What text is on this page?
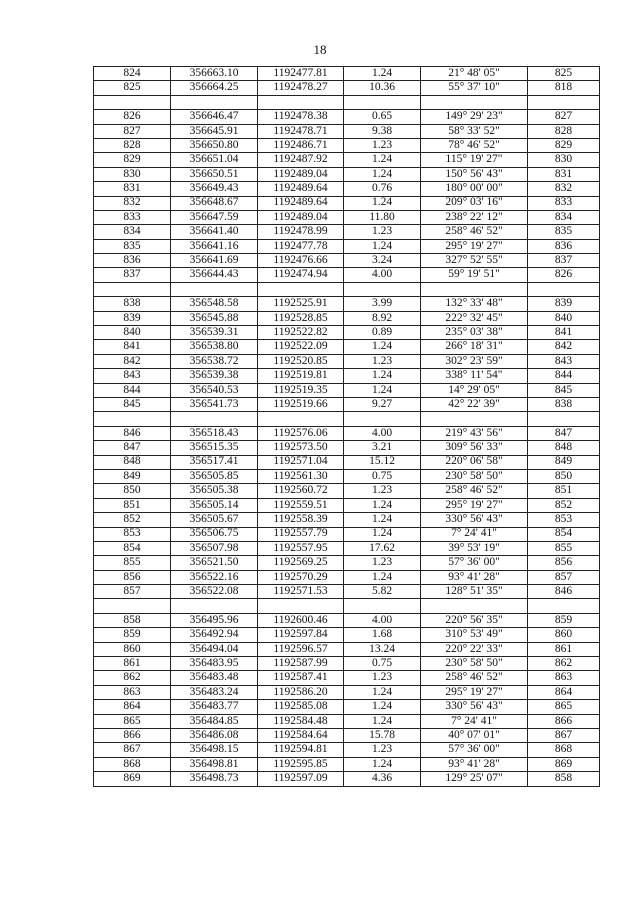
18
824	356663.10	1192477.81	1.24	21° 48' 05"	825
825	356664.25	1192478.27	10.36	55° 37' 10"	818

826	356646.47	1192478.38	0.65	149° 29' 23"	827
827	356645.91	1192478.71	9.38	58° 33' 52"	828
828	356650.80	1192486.71	1.23	78° 46' 52"	829
829	356651.04	1192487.92	1.24	115° 19' 27"	830
830	356650.51	1192489.04	1.24	150° 56' 43"	831
831	356649.43	1192489.64	0.76	180° 00' 00"	832
832	356648.67	1192489.64	1.24	209° 03' 16"	833
833	356647.59	1192489.04	11.80	238° 22' 12"	834
834	356641.40	1192478.99	1.23	258° 46' 52"	835
835	356641.16	1192477.78	1.24	295° 19' 27"	836
836	356641.69	1192476.66	3.24	327° 52' 55"	837
837	356644.43	1192474.94	4.00	59° 19' 51"	826

838	356548.58	1192525.91	3.99	132° 33' 48"	839
839	356545.88	1192528.85	8.92	222° 32' 45"	840
840	356539.31	1192522.82	0.89	235° 03' 38"	841
841	356538.80	1192522.09	1.24	266° 18' 31"	842
842	356538.72	1192520.85	1.23	302° 23' 59"	843
843	356539.38	1192519.81	1.24	338° 11' 54"	844
844	356540.53	1192519.35	1.24	14° 29' 05"	845
845	356541.73	1192519.66	9.27	42° 22' 39"	838

846	356518.43	1192576.06	4.00	219° 43' 56"	847
847	356515.35	1192573.50	3.21	309° 56' 33"	848
848	356517.41	1192571.04	15.12	220° 06' 58"	849
849	356505.85	1192561.30	0.75	230° 58' 50"	850
850	356505.38	1192560.72	1.23	258° 46' 52"	851
851	356505.14	1192559.51	1.24	295° 19' 27"	852
852	356505.67	1192558.39	1.24	330° 56' 43"	853
853	356506.75	1192557.79	1.24	7° 24' 41"	854
854	356507.98	1192557.95	17.62	39° 53' 19"	855
855	356521.50	1192569.25	1.23	57° 36' 00"	856
856	356522.16	1192570.29	1.24	93° 41' 28"	857
857	356522.08	1192571.53	5.82	128° 51' 35"	846

858	356495.96	1192600.46	4.00	220° 56' 35"	859
859	356492.94	1192597.84	1.68	310° 53' 49"	860
860	356494.04	1192596.57	13.24	220° 22' 33"	861
861	356483.95	1192587.99	0.75	230° 58' 50"	862
862	356483.48	1192587.41	1.23	258° 46' 52"	863
863	356483.24	1192586.20	1.24	295° 19' 27"	864
864	356483.77	1192585.08	1.24	330° 56' 43"	865
865	356484.85	1192584.48	1.24	7° 24' 41"	866
866	356486.08	1192584.64	15.78	40° 07' 01"	867
867	356498.15	1192594.81	1.23	57° 36' 00"	868
868	356498.81	1192595.85	1.24	93° 41' 28"	869
869	356498.73	1192597.09	4.36	129° 25' 07"	858
